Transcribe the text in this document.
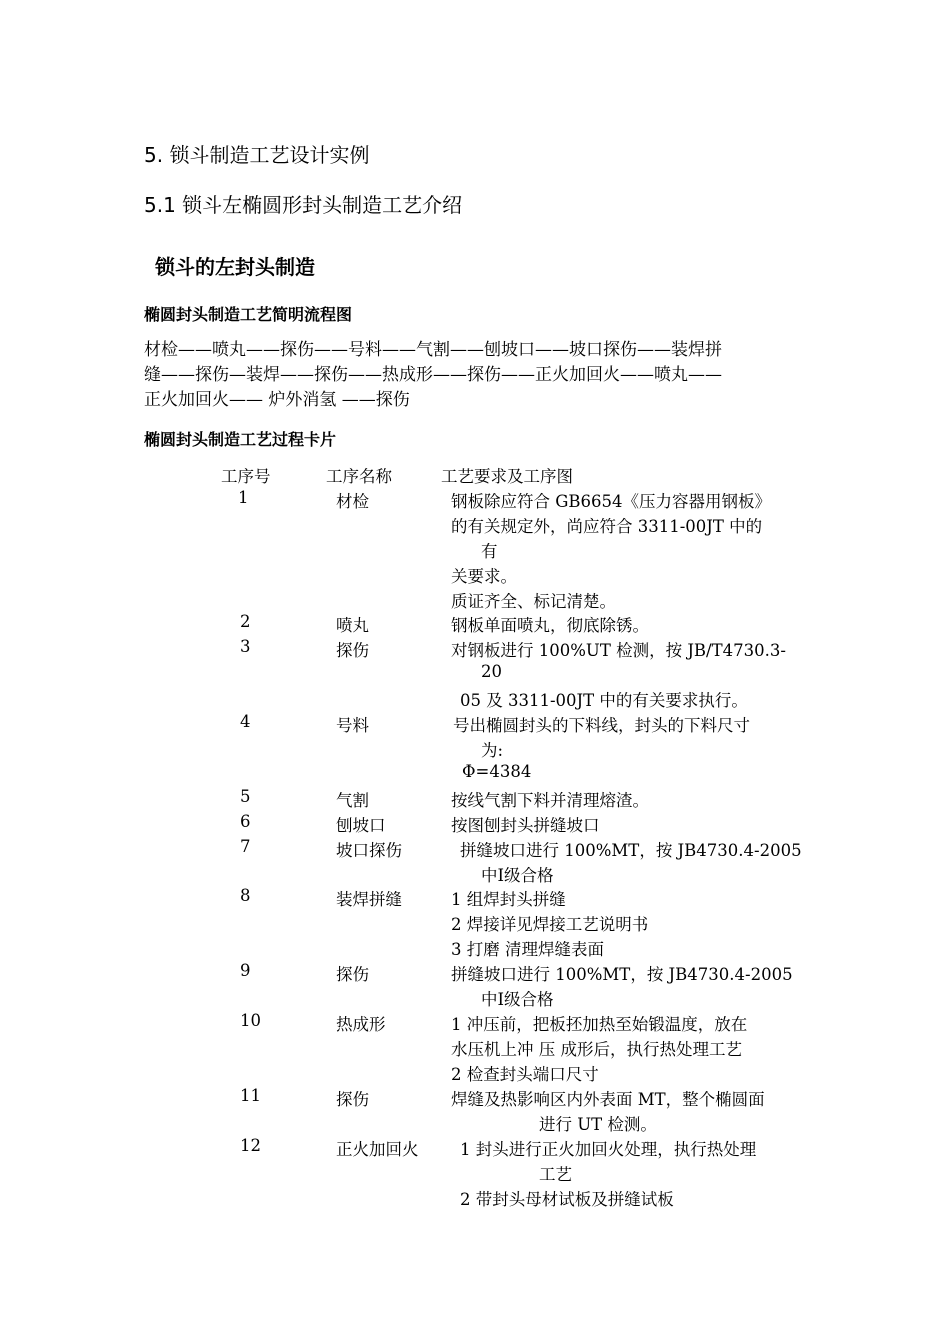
5. 锁斗制造工艺设计实例
5.1 锁斗左椭圆形封头制造工艺介绍
锁斗的左封头制造
椭圆封头制造工艺简明流程图
材检——喷丸——探伤——号料——气割——刨坡口——坡口探伤——装焊拼
缝——探伤—装焊——探伤——热成形——探伤——正火加回火——喷丸——
正火加回火—— 炉外消氢 ——探伤
椭圆封头制造工艺过程卡片
工序号	工序名称	工艺要求及工序图
1	材检	钢板除应符合 GB6654《压力容器用钢板》
的有关规定外，尚应符合 3311-00JT 中的
有
关要求。
质证齐全、标记清楚。
2	喷丸	钢板单面喷丸，彻底除锈。
3	探伤	对钢板进行 100%UT 检测，按 JB/T4730.3-
20
05 及 3311-00JT 中的有关要求执行。
4	号料	号出椭圆封头的下料线，封头的下料尺寸
为:
Φ=4384
5	气割	按线气割下料并清理熔渣。
6	刨坡口	按图刨封头拼缝坡口
7	坡口探伤	拼缝坡口进行 100%MT，按 JB4730.4-2005
中Ⅰ级合格
8	装焊拼缝	1 组焊封头拼缝
2 焊接详见焊接工艺说明书
3 打磨 清理焊缝表面
9	探伤	拼缝坡口进行 100%MT，按 JB4730.4-2005
中Ⅰ级合格
10	热成形	1 冲压前，把板抷加热至始锻温度，放在
水压机上冲 压 成形后，执行热处理工艺
2 检查封头端口尺寸
11	探伤	焊缝及热影响区内外表面 MT，整个椭圆面
进行 UT 检测。
12	正火加回火	1 封头进行正火加回火处理，执行热处理
工艺
2 带封头母材试板及拼缝试板
